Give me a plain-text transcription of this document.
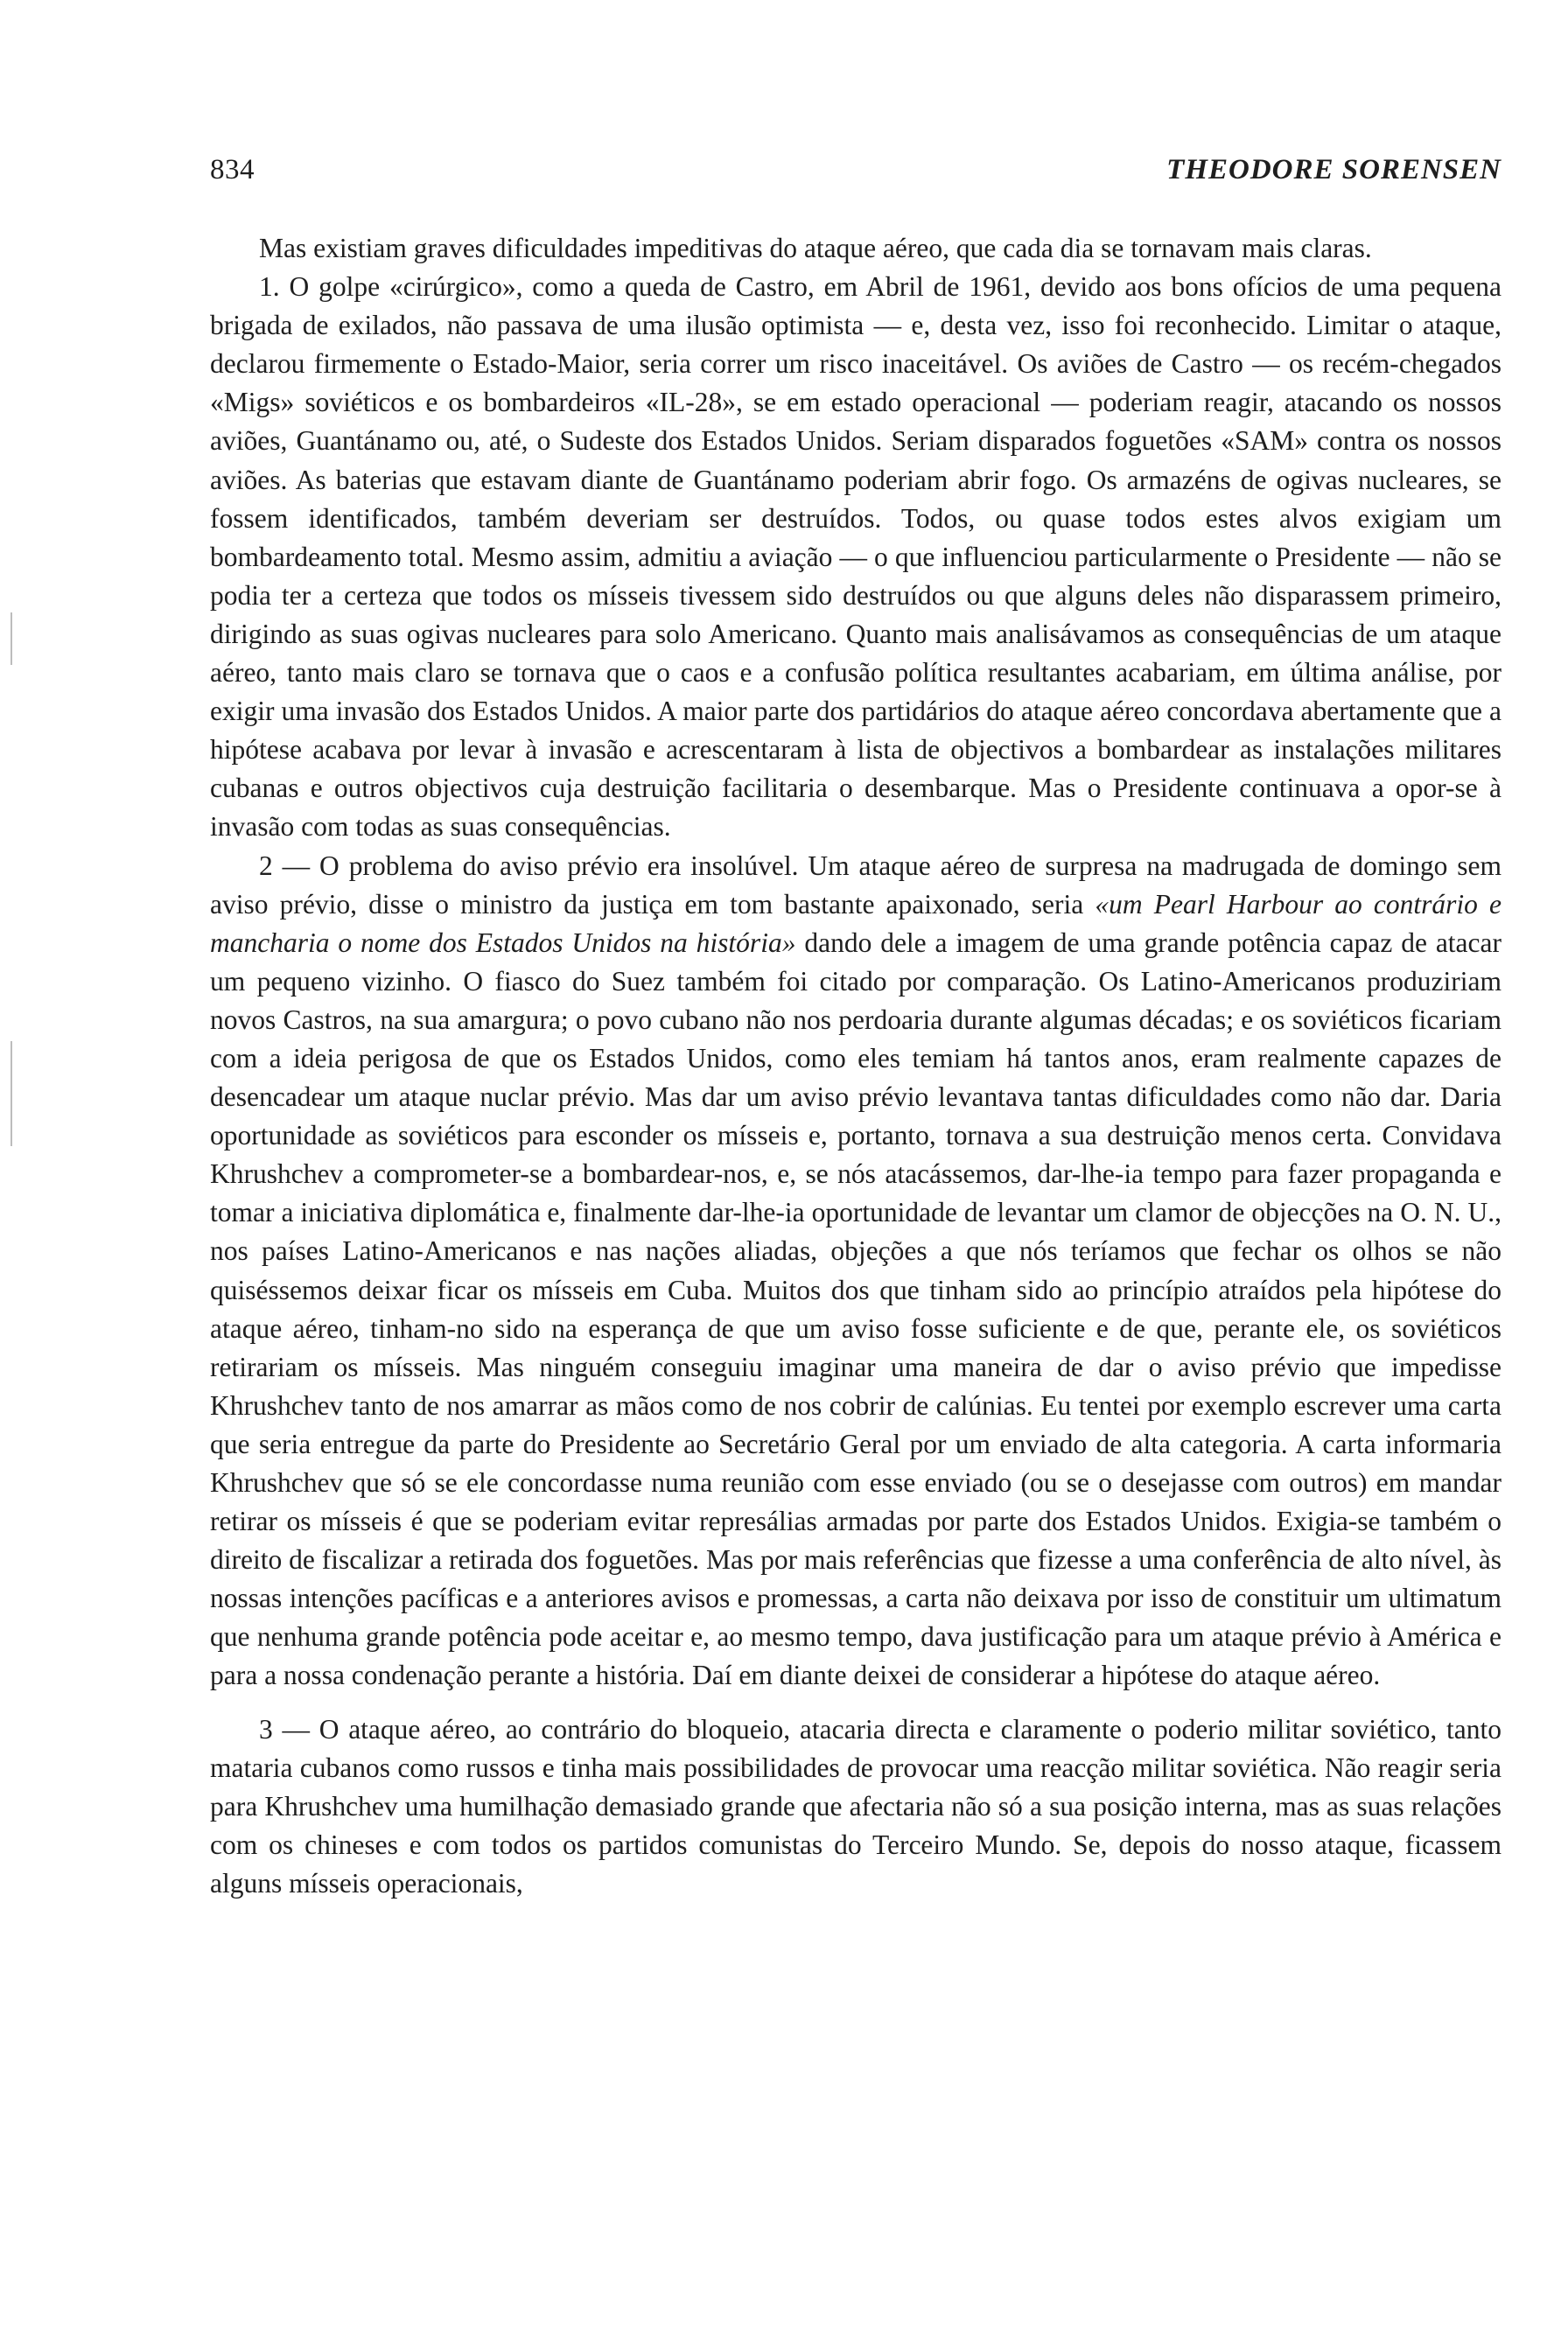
834	THEODORE SORENSEN

Mas existiam graves dificuldades impeditivas do ataque aéreo, que cada dia se tornavam mais claras.

1. O golpe «cirúrgico», como a queda de Castro, em Abril de 1961, devido aos bons ofícios de uma pequena brigada de exilados, não passava de uma ilusão optimista — e, desta vez, isso foi reconhecido. Limitar o ataque, declarou firmemente o Estado-Maior, seria correr um risco inaceitável. Os aviões de Castro — os recém-chegados «Migs» soviéticos e os bombardeiros «IL-28», se em estado operacional — poderiam reagir, atacando os nossos aviões, Guantánamo ou, até, o Sudeste dos Estados Unidos. Seriam disparados foguetões «SAM» contra os nossos aviões. As baterias que estavam diante de Guantánamo poderiam abrir fogo. Os armazéns de ogivas nucleares, se fossem identificados, também deveriam ser destruídos. Todos, ou quase todos estes alvos exigiam um bombardeamento total. Mesmo assim, admitiu a aviação — o que influenciou particularmente o Presidente — não se podia ter a certeza que todos os mísseis tivessem sido destruídos ou que alguns deles não disparassem primeiro, dirigindo as suas ogivas nucleares para solo Americano. Quanto mais analisávamos as consequências de um ataque aéreo, tanto mais claro se tornava que o caos e a confusão política resultantes acabariam, em última análise, por exigir uma invasão dos Estados Unidos. A maior parte dos partidários do ataque aéreo concordava abertamente que a hipótese acabava por levar à invasão e acrescentaram à lista de objectivos a bombardear as instalações militares cubanas e outros objectivos cuja destruição facilitaria o desembarque. Mas o Presidente continuava a opor-se à invasão com todas as suas consequências.

2 — O problema do aviso prévio era insolúvel. Um ataque aéreo de surpresa na madrugada de domingo sem aviso prévio, disse o ministro da justiça em tom bastante apaixonado, seria «um Pearl Harbour ao contrário e mancharia o nome dos Estados Unidos na história» dando dele a imagem de uma grande potência capaz de atacar um pequeno vizinho. O fiasco do Suez também foi citado por comparação. Os Latino-Americanos produziriam novos Castros, na sua amargura; o povo cubano não nos perdoaria durante algumas décadas; e os soviéticos ficariam com a ideia perigosa de que os Estados Unidos, como eles temiam há tantos anos, eram realmente capazes de desencadear um ataque nuclar prévio. Mas dar um aviso prévio levantava tantas dificuldades como não dar. Daria oportunidade as soviéticos para esconder os mísseis e, portanto, tornava a sua destruição menos certa. Convidava Khrushchev a comprometer-se a bombardear-nos, e, se nós atacássemos, dar-lhe-ia tempo para fazer propaganda e tomar a iniciativa diplomática e, finalmente dar-lhe-ia oportunidade de levantar um clamor de objecções na O. N. U., nos países Latino-Americanos e nas nações aliadas, objeções a que nós teríamos que fechar os olhos se não quiséssemos deixar ficar os mísseis em Cuba. Muitos dos que tinham sido ao princípio atraídos pela hipótese do ataque aéreo, tinham-no sido na esperança de que um aviso fosse suficiente e de que, perante ele, os soviéticos retirariam os mísseis. Mas ninguém conseguiu imaginar uma maneira de dar o aviso prévio que impedisse Khrushchev tanto de nos amarrar as mãos como de nos cobrir de calúnias. Eu tentei por exemplo escrever uma carta que seria entregue da parte do Presidente ao Secretário Geral por um enviado de alta categoria. A carta informaria Khrushchev que só se ele concordasse numa reunião com esse enviado (ou se o desejasse com outros) em mandar retirar os mísseis é que se poderiam evitar represálias armadas por parte dos Estados Unidos. Exigia-se também o direito de fiscalizar a retirada dos foguetões. Mas por mais referências que fizesse a uma conferência de alto nível, às nossas intenções pacíficas e a anteriores avisos e promessas, a carta não deixava por isso de constituir um ultimatum que nenhuma grande potência pode aceitar e, ao mesmo tempo, dava justificação para um ataque prévio à América e para a nossa condenação perante a história. Daí em diante deixei de considerar a hipótese do ataque aéreo.

3 — O ataque aéreo, ao contrário do bloqueio, atacaria directa e claramente o poderio militar soviético, tanto mataria cubanos como russos e tinha mais possibilidades de provocar uma reacção militar soviética. Não reagir seria para Khrushchev uma humilhação demasiado grande que afectaria não só a sua posição interna, mas as suas relações com os chineses e com todos os partidos comunistas do Terceiro Mundo. Se, depois do nosso ataque, ficassem alguns mísseis operacionais,
